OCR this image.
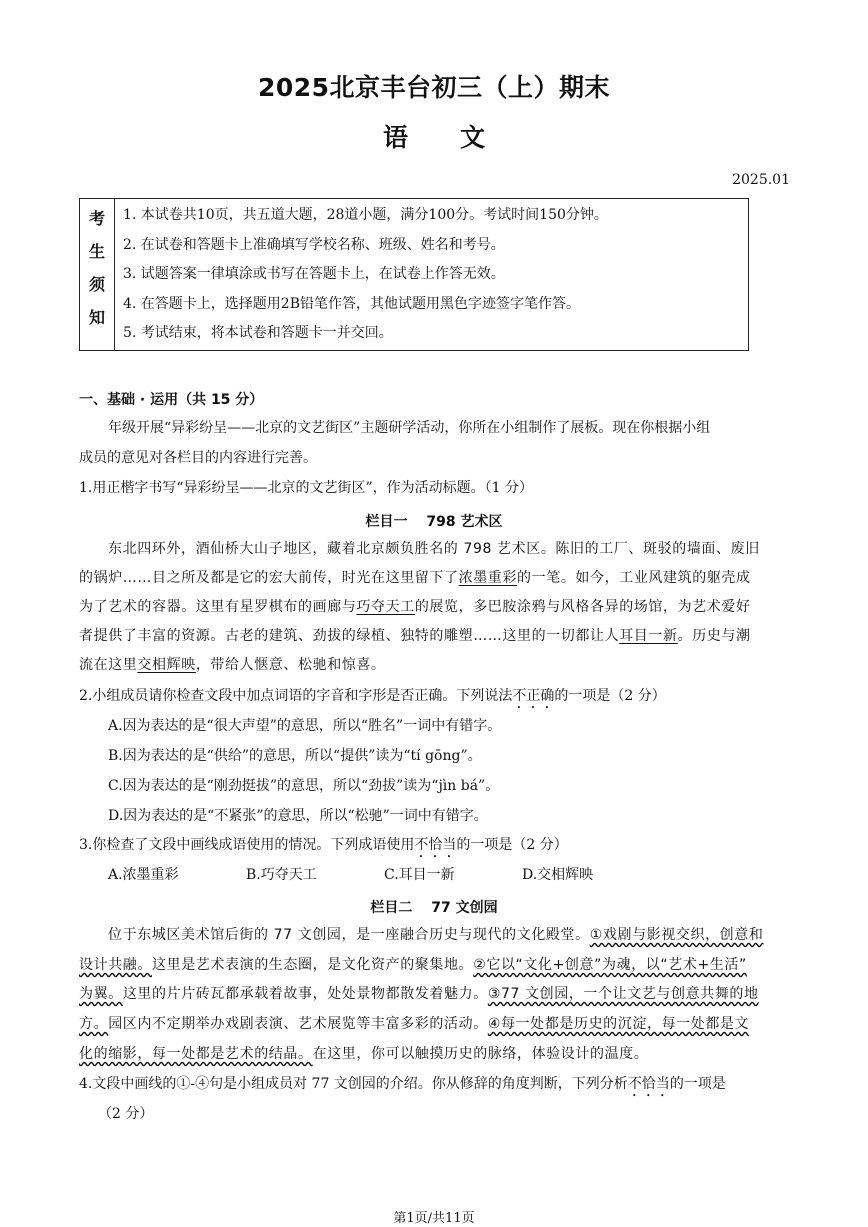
2025北京丰台初三（上）期末
语文
2025.01
考
生
须
知

1. 本试卷共10页，共五道大题，28道小题，满分100分。考试时间150分钟。
2. 在试卷和答题卡上准确填写学校名称、班级、姓名和考号。
3. 试题答案一律填涂或书写在答题卡上，在试卷上作答无效。
4. 在答题卡上，选择题用2B铅笔作答，其他试题用黑色字迹签字笔作答。
5. 考试结束，将本试卷和答题卡一并交回。
一、基础 · 运用（共 15 分）
年级开展“异彩纷呈——北京的文艺街区”主题研学活动，你所在小组制作了展板。现在你根据小组
成员的意见对各栏目的内容进行完善。
1.用正楷字书写“异彩纷呈——北京的文艺街区”，作为活动标题。（1 分）
栏目一　 798 艺术区
东北四环外，酒仙桥大山子地区，藏着北京颇负胜名的 798 艺术区。陈旧的工厂、斑驳的墙面、废旧
的锅炉……目之所及都是它的宏大前传，时光在这里留下了浓墨重彩的一笔。如今，工业风建筑的躯壳成
为了艺术的容器。这里有星罗棋布的画廊与巧夺天工的展览，多巴胺涂鸦与风格各异的场馆，为艺术爱好
者提供了丰富的资源。古老的建筑、劲拔的绿植、独特的雕塑……这里的一切都让人耳目一新。历史与潮
流在这里交相辉映，带给人惬意、松驰和惊喜。
2.小组成员请你检查文段中加点词语的字音和字形是否正确。下列说法不正确的一项是（2 分）
A.因为表达的是“很大声望”的意思，所以“胜名”一词中有错字。
B.因为表达的是“供给”的意思，所以“提供”读为“tí gōng”。
C.因为表达的是“刚劲挺拔”的意思，所以“劲拔”读为“jìn bá”。
D.因为表达的是“不紧张”的意思，所以“松驰”一词中有错字。
3.你检查了文段中画线成语使用的情况。下列成语使用不恰当的一项是（2 分）
A.浓墨重彩	B.巧夺天工	C.耳目一新	D.交相辉映
栏目二　 77 文创园
位于东城区美术馆后街的 77 文创园，是一座融合历史与现代的文化殿堂。①戏剧与影视交织，创意和
设计共融。这里是艺术表演的生态圈，是文化资产的聚集地。②它以“文化+创意”为魂，以“艺术+生活”
为翼。这里的片片砖瓦都承载着故事，处处景物都散发着魅力。③77 文创园，一个让文艺与创意共舞的地
方。园区内不定期举办戏剧表演、艺术展览等丰富多彩的活动。④每一处都是历史的沉淀，每一处都是文
化的缩影，每一处都是艺术的结晶。在这里，你可以触摸历史的脉络，体验设计的温度。
4.文段中画线的①-④句是小组成员对 77 文创园的介绍。你从修辞的角度判断，下列分析不恰当的一项是
（2 分）
第1页/共11页
